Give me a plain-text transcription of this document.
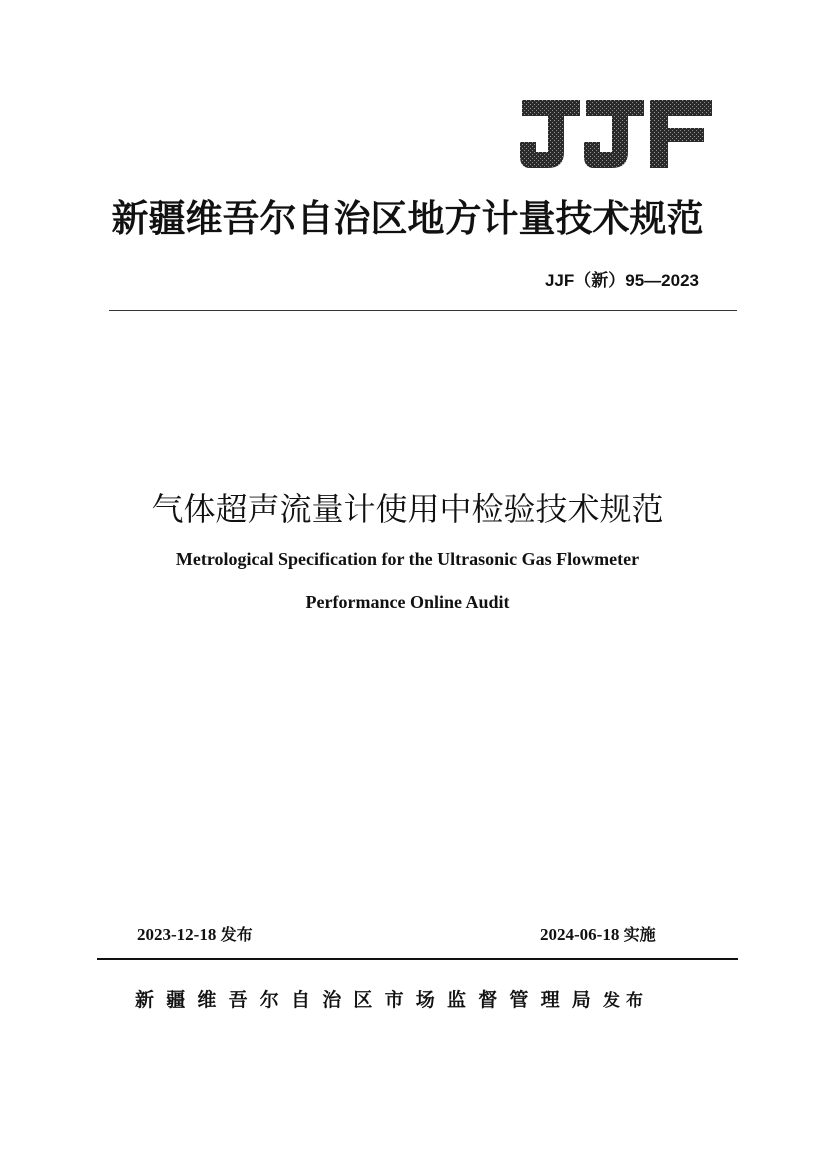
新疆维吾尔自治区地方计量技术规范
JJF（新）95—2023
气体超声流量计使用中检验技术规范
Metrological Specification for the Ultrasonic Gas Flowmeter
Performance Online Audit
2023-12-18 发布	2024-06-18 实施
新疆维吾尔自治区市场监督管理局发布
